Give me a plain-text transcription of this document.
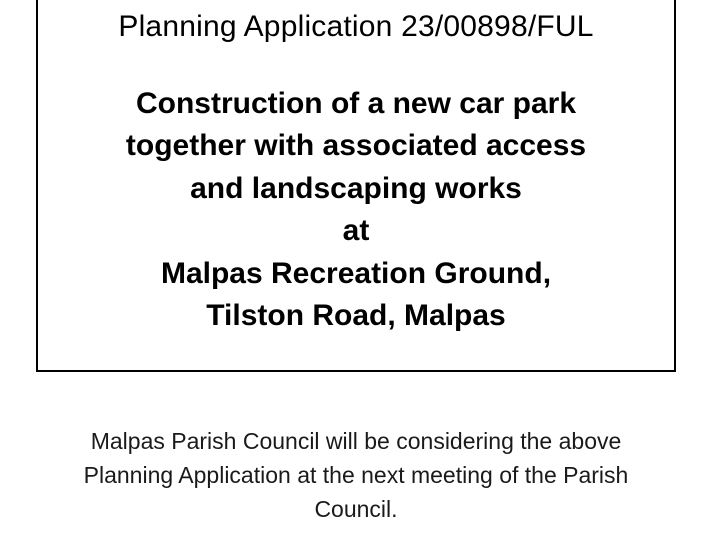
Planning Application 23/00898/FUL
Construction of a new car park
together with associated access
and landscaping works
at
Malpas Recreation Ground,
Tilston Road, Malpas
Malpas Parish Council will be considering the above
Planning Application at the next meeting of the Parish
Council.
